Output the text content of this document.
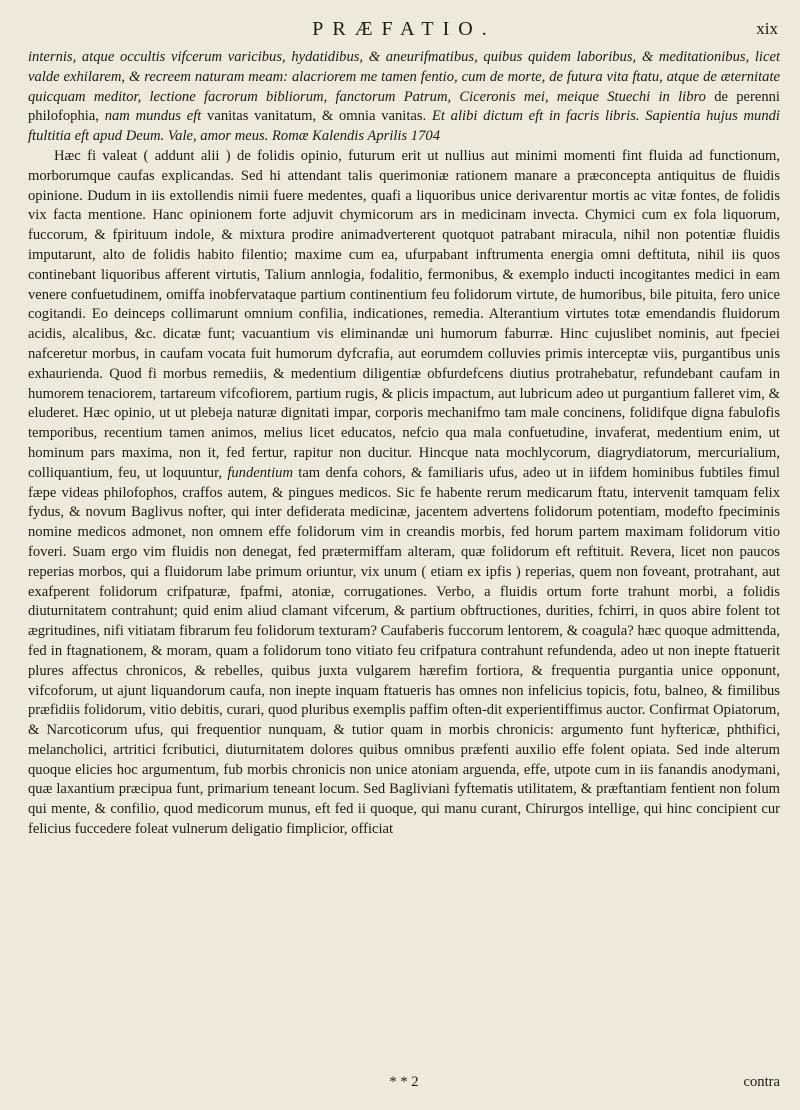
PRÆFATIO.	xix

internis, atque occultis vifcerum varicibus, hydatidibus, & aneurifmatibus, quibus quidem laboribus, & meditationibus, licet valde exhilarem, & recreem naturam meam: alacriorem me tamen fentio, cum de morte, de futura vita ftatu, atque de æternitate quicquam meditor, lectione facrorum bibliorum, fanctorum Patrum, Ciceronis mei, meique Stuechi in libro de perenni philofophia, nam mundus eft vanitas vanitatum, & omnia vanitas. Et alibi dictum eft in facris libris. Sapientia hujus mundi ftultitia eft apud Deum. Vale, amor meus. Romæ Kalendis Aprilis 1704

Hæc fi valeat ( addunt alii ) de folidis opinio, futurum erit ut nullius aut minimi momenti fint fluida ad functionum, morborumque caufas explicandas. Sed hi attendant talis querimoniæ rationem manare a præconcepta antiquitus de fluidis opinione. Dudum in iis extollendis nimii fuere medentes, quafi a liquoribus unice derivarentur mortis ac vitæ fontes, de folidis vix facta mentione. Hanc opinionem forte adjuvit chymicorum ars in medicinam invecta. Chymici cum ex fola liquorum, fuccorum, & fpirituum indole, & mixtura prodire animadverterent quotquot patrabant miracula, nihil non potentiæ fluidis imputarunt, alto de folidis habito filentio; maxime cum ea, ufurpabant inftrumenta energia omni deftituta, nihil iis quos continebant liquoribus afferent virtutis, Talium annlogia, fodalitio, fermonibus, & exemplo inducti incogitantes medici in eam venere confuetudinem, omiffa inobfervataque partium continentium feu folidorum virtute, de humoribus, bile pituita, fero unice cogitandi. Eo deinceps collimarunt omnium confilia, indicationes, remedia. Alterantium virtutes totæ emendandis fluidorum acidis, alcalibus, &c. dicatæ funt; vacuantium vis eliminandæ uni humorum faburræ. Hinc cujuslibet nominis, aut fpeciei nafceretur morbus, in caufam vocata fuit humorum dyfcrafia, aut eorumdem colluvies primis interceptæ viis, purgantibus unis exhaurienda. Quod fi morbus remediis, & medentium diligentiæ obfurdefcens diutius protrahebatur, refundebant caufam in humorem tenaciorem, tartareum vifcofiorem, partium rugis, & plicis impactum, aut lubricum adeo ut purgantium falleret vim, & eluderet. Hæc opinio, ut ut plebeja naturæ dignitati impar, corporis mechanifmo tam male concinens, folidifque digna fabulofis temporibus, recentium tamen animos, melius licet educatos, nefcio qua mala confuetudine, invaferat, medentium enim, ut hominum pars maxima, non it, fed fertur, rapitur non ducitur. Hincque nata mochlycorum, diagrydiatorum, mercurialium, colliquantium, feu, ut loquuntur, fundentium tam denfa cohors, & familiaris ufus, adeo ut in iifdem hominibus fubtiles fimul fæpe videas philofophos, craffos autem, & pingues medicos. Sic fe habente rerum medicarum ftatu, intervenit tamquam felix fydus, & novum Baglivus nofter, qui inter defiderata medicinæ, jacentem advertens folidorum potentiam, modefto fpeciminis nomine medicos admonet, non omnem effe folidorum vim in creandis morbis, fed horum partem maximam folidorum vitio foveri. Suam ergo vim fluidis non denegat, fed prætermiffam alteram, quæ folidorum eft reftituit. Revera, licet non paucos reperias morbos, qui a fluidorum labe primum oriuntur, vix unum ( etiam ex ipfis ) reperias, quem non foveant, protrahant, aut exafperent folidorum crifpaturæ, fpafmi, atoniæ, corrugationes. Verbo, a fluidis ortum forte trahunt morbi, a folidis diuturnitatem contrahunt; quid enim aliud clamant vifcerum, & partium obftructiones, durities, fchirri, in quos abire folent tot ægritudines, nifi vitiatam fibrarum feu folidorum texturam? Caufaberis fuccorum lentorem, & coagula? hæc quoque admittenda, fed in ftagnationem, & moram, quam a folidorum tono vitiato feu crifpatura contrahunt refundenda, adeo ut non inepte ftatuerit plures affectus chronicos, & rebelles, quibus juxta vulgarem hærefim fortiora, & frequentia purgantia unice opponunt, vifcoforum, ut ajunt liquandorum caufa, non inepte inquam ftatueris has omnes non infelicius topicis, fotu, balneo, & fimilibus præfidiis folidorum, vitio debitis, curari, quod pluribus exemplis paffim often-dit experientiffimus auctor. Confirmat Opiatorum, & Narcoticorum ufus, qui frequentior nunquam, & tutior quam in morbis chronicis: argumento funt hyftericæ, phthifici, melancholici, artritici fcributici, diuturnitatem dolores quibus omnibus præfenti auxilio effe folent opiata. Sed inde alterum quoque elicies hoc argumentum, fub morbis chronicis non unice atoniam arguenda, effe, utpote cum in iis fanandis anodymani, quæ laxantium præcipua funt, primarium teneant locum. Sed Bagliviani fyftematis utilitatem, & præftantiam fentient non folum qui mente, & confilio, quod medicorum munus, eft fed ii quoque, qui manu curant, Chirurgos intellige, qui hinc concipient cur felicius fuccedere foleat vulnerum deligatio fimplicior, officiat

* * 2	contra
